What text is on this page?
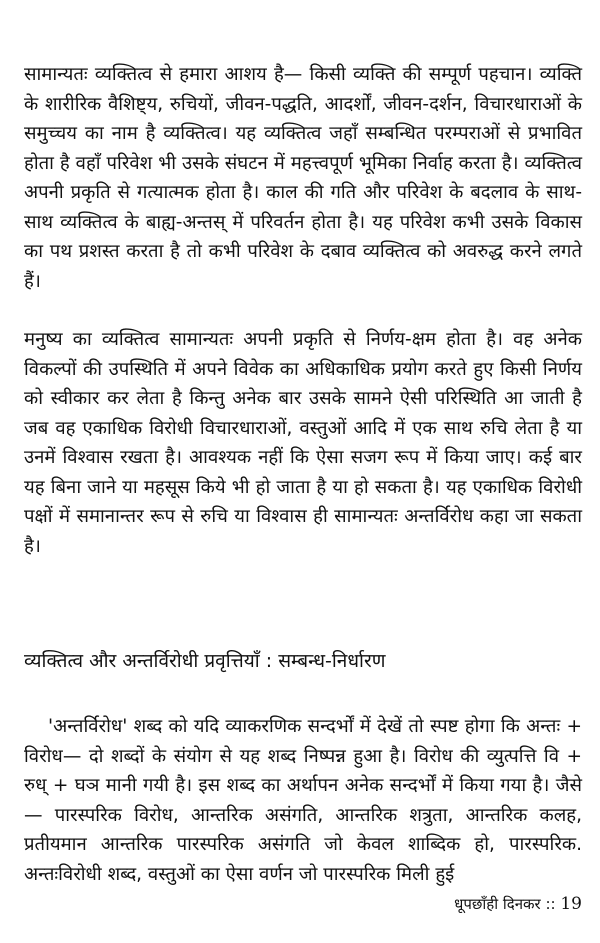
सामान्यतः व्यक्तित्व से हमारा आशय है— किसी व्यक्ति की सम्पूर्ण पहचान। व्यक्ति के शारीरिक वैशिष्ट्य, रुचियों, जीवन-पद्धति, आदर्शों, जीवन-दर्शन, विचारधाराओं के समुच्चय का नाम है व्यक्तित्व। यह व्यक्तित्व जहाँ सम्बन्धित परम्पराओं से प्रभावित होता है वहाँ परिवेश भी उसके संघटन में महत्त्वपूर्ण भूमिका निर्वाह करता है। व्यक्तित्व अपनी प्रकृति से गत्यात्मक होता है। काल की गति और परिवेश के बदलाव के साथ-साथ व्यक्तित्व के बाह्य-अन्तस् में परिवर्तन होता है। यह परिवेश कभी उसके विकास का पथ प्रशस्त करता है तो कभी परिवेश के दबाव व्यक्तित्व को अवरुद्ध करने लगते हैं।

मनुष्य का व्यक्तित्व सामान्यतः अपनी प्रकृति से निर्णय-क्षम होता है। वह अनेक विकल्पों की उपस्थिति में अपने विवेक का अधिकाधिक प्रयोग करते हुए किसी निर्णय को स्वीकार कर लेता है किन्तु अनेक बार उसके सामने ऐसी परिस्थिति आ जाती है जब वह एकाधिक विरोधी विचारधाराओं, वस्तुओं आदि में एक साथ रुचि लेता है या उनमें विश्वास रखता है। आवश्यक नहीं कि ऐसा सजग रूप में किया जाए। कई बार यह बिना जाने या महसूस किये भी हो जाता है या हो सकता है। यह एकाधिक विरोधी पक्षों में समानान्तर रूप से रुचि या विश्वास ही सामान्यतः अन्तर्विरोध कहा जा सकता है।

व्यक्तित्व और अन्तर्विरोधी प्रवृत्तियाँ : सम्बन्ध-निर्धारण

'अन्तर्विरोध' शब्द को यदि व्याकरणिक सन्दर्भों में देखें तो स्पष्ट होगा कि अन्तः + विरोध— दो शब्दों के संयोग से यह शब्द निष्पन्न हुआ है। विरोध की व्युत्पत्ति वि + रुध् + घञ मानी गयी है। इस शब्द का अर्थापन अनेक सन्दर्भों में किया गया है। जैसे— पारस्परिक विरोध, आन्तरिक असंगति, आन्तरिक शत्रुता, आन्तरिक कलह, प्रतीयमान आन्तरिक पारस्परिक असंगति जो केवल शाब्दिक हो, पारस्परिक. अन्तःविरोधी शब्द, वस्तुओं का ऐसा वर्णन जो पारस्परिक मिली हुई

धूपछाँही दिनकर :: 19
